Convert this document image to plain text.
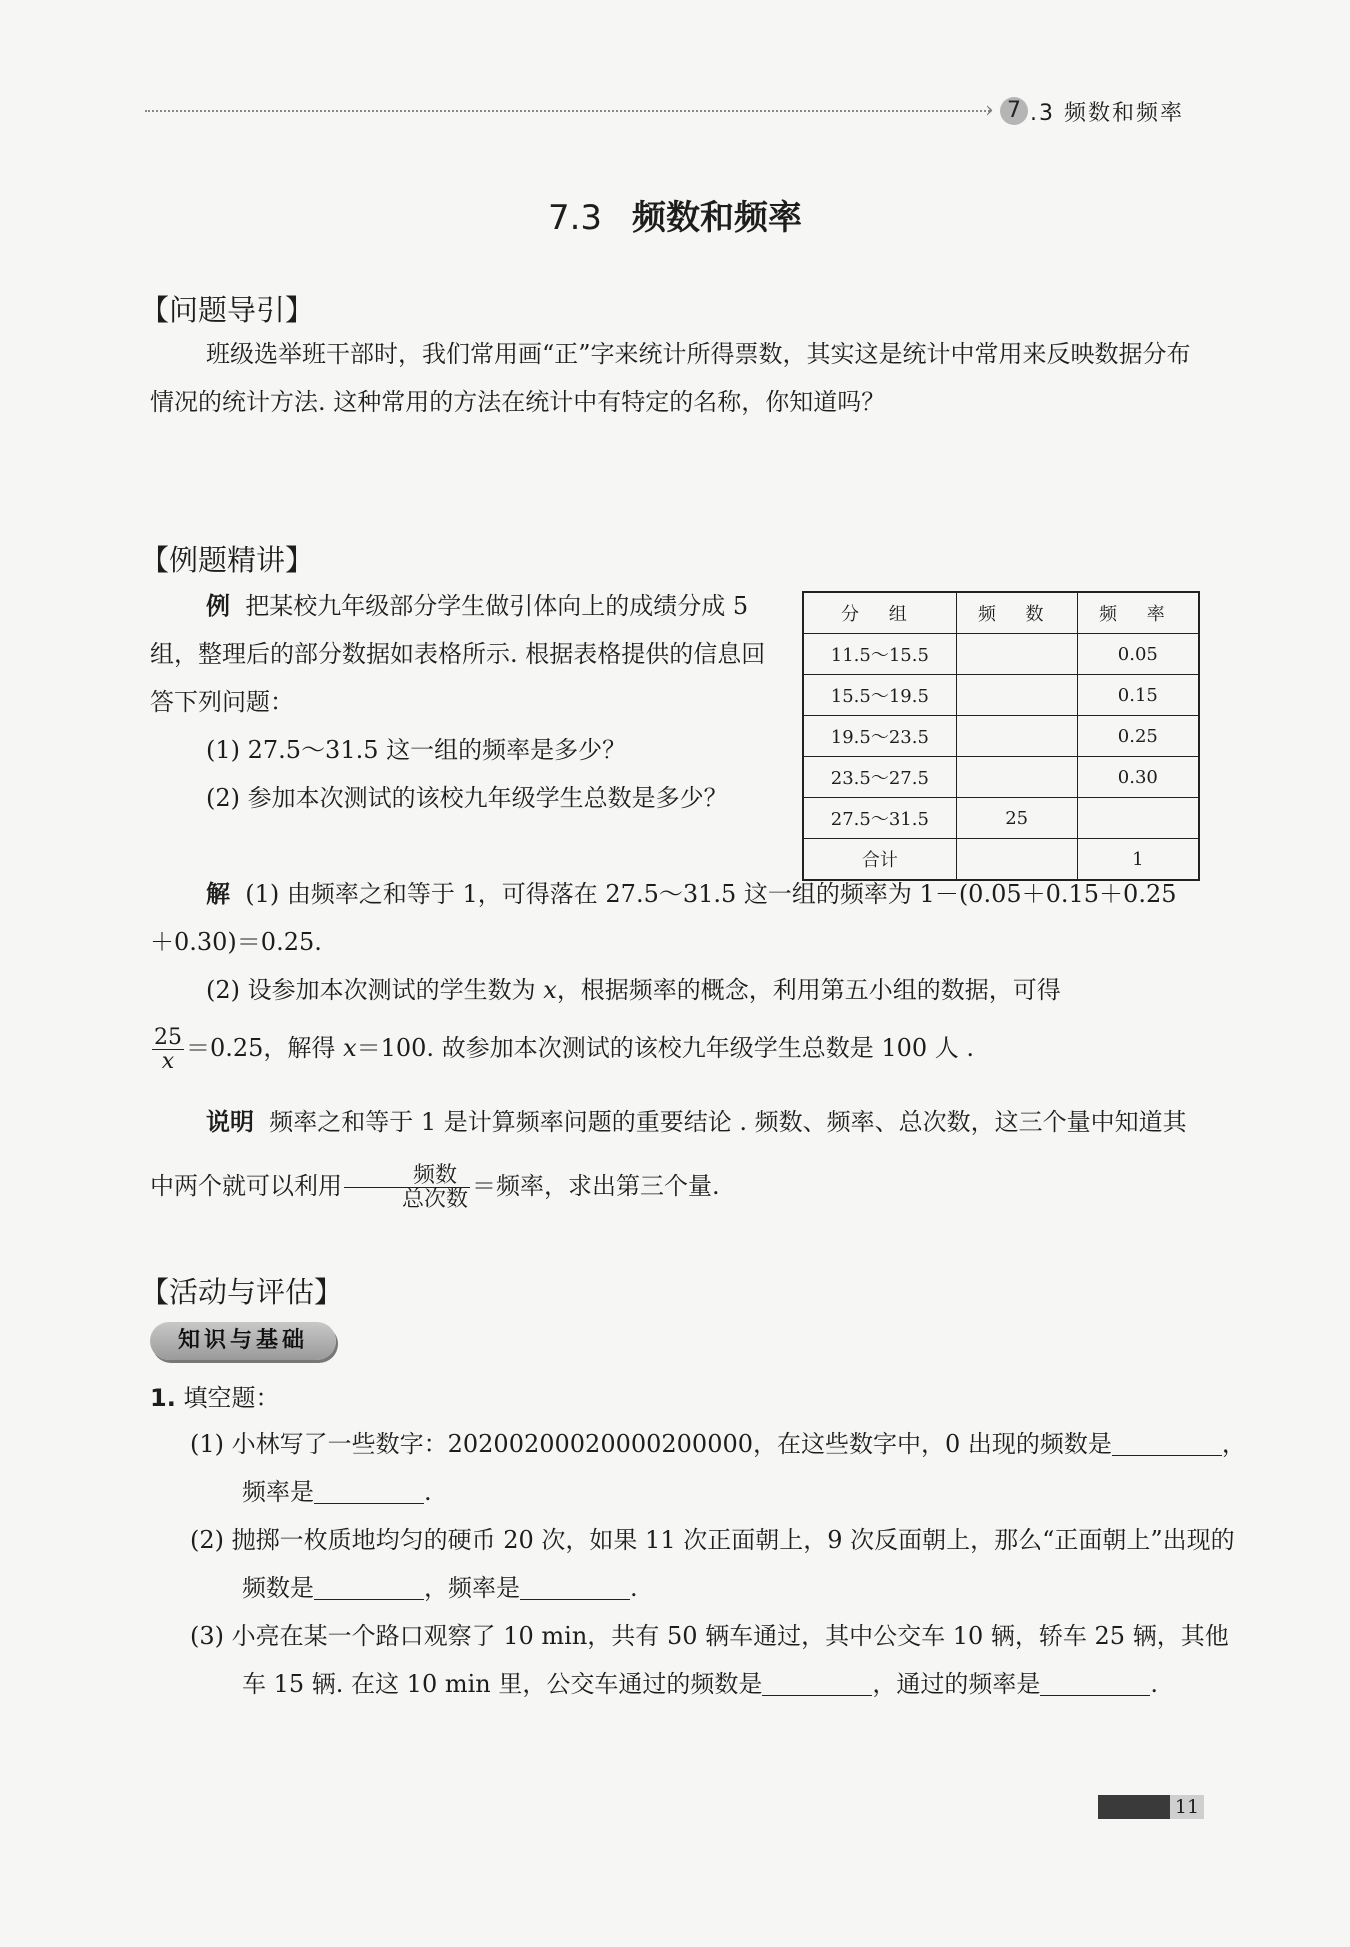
› 7 .3 频数和频率
7.3 频数和频率
【问题导引】
班级选举班干部时，我们常用画“正”字来统计所得票数，其实这是统计中常用来反映数据分布情况的统计方法. 这种常用的方法在统计中有特定的名称，你知道吗？
【例题精讲】
例 把某校九年级部分学生做引体向上的成绩分成 5 组，整理后的部分数据如表格所示. 根据表格提供的信息回答下列问题：
(1) 27.5～31.5 这一组的频率是多少？
(2) 参加本次测试的该校九年级学生总数是多少？
解 (1) 由频率之和等于 1，可得落在 27.5～31.5 这一组的频率为 1－(0.05＋0.15＋0.25＋0.30)＝0.25.
(2) 设参加本次测试的学生数为 x，根据频率的概念，利用第五小组的数据，可得
$\frac{25}{x} =0.25$，解得 x＝100. 故参加本次测试的该校九年级学生总数是 100 人 .
说明 频率之和等于 1 是计算频率问题的重要结论 . 频数、频率、总次数，这三个量中知道其中两个就可以利用 $\frac{\text{频数}}{\text{总次数}}$ ＝频率，求出第三个量.
分 组	频 数	频 率
11.5～15.5		0.05
15.5～19.5		0.15
19.5～23.5		0.25
23.5～27.5		0.30
27.5～31.5	25	
合计		1
【活动与评估】
知识与基础
1. 填空题：
(1) 小林写了一些数字：20200200020000200000，在这些数字中，0 出现的频数是	，频率是	.
(2) 抛掷一枚质地均匀的硬币 20 次，如果 11 次正面朝上，9 次反面朝上，那么“正面朝上”出现的频数是	，频率是	.
(3) 小亮在某一个路口观察了 10 min，共有 50 辆车通过，其中公交车 10 辆，轿车 25 辆，其他车 15 辆. 在这 10 min 里，公交车通过的频数是	，通过的频率是	.
11
